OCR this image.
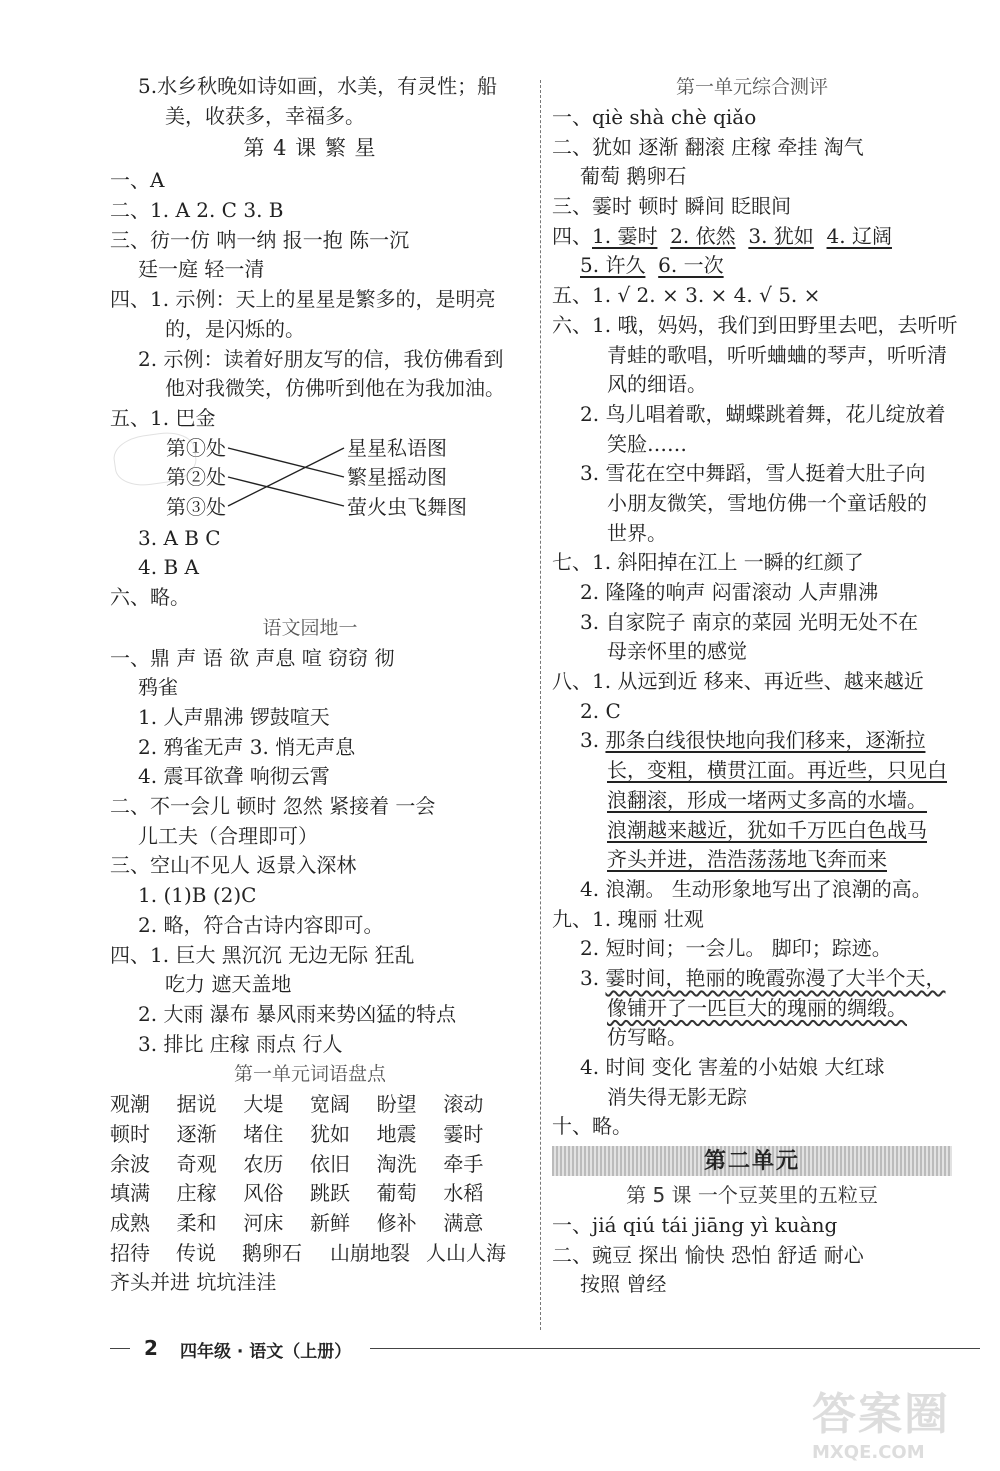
5.水乡秋晚如诗如画，水美，有灵性；船
美，收获多，幸福多。
第 4 课 繁 星
一、A
二、1. A 2. C 3. B
三、彷一仿 呐一纳 报一抱 陈一沉
廷一庭 轻一清
四、1. 示例：天上的星星是繁多的，是明亮
的，是闪烁的。
2. 示例：读着好朋友写的信，我仿佛看到
他对我微笑，仿佛听到他在为我加油。
五、1. 巴金
第①处
第②处
第③处
星星私语图
繁星摇动图
萤火虫飞舞图
3. A B C
4. B A
六、略。
语文园地一
一、鼎 声 语 欲 声息 喧 窃窃 彻
鸦雀
1. 人声鼎沸 锣鼓喧天
2. 鸦雀无声 3. 悄无声息
4. 震耳欲聋 响彻云霄
二、不一会儿 顿时 忽然 紧接着 一会
儿工夫（合理即可）
三、空山不见人 返景入深林
1. (1)B (2)C
2. 略，符合古诗内容即可。
四、1. 巨大 黑沉沉 无边无际 狂乱
吃力 遮天盖地
2. 大雨 瀑布 暴风雨来势凶猛的特点
3. 排比 庄稼 雨点 行人
第一单元词语盘点
观潮	据说	大堤	宽阔	盼望	滚动
顿时	逐渐	堵住	犹如	地震	霎时
余波	奇观	农历	依旧	淘洗	牵手
填满	庄稼	风俗	跳跃	葡萄	水稻
成熟	柔和	河床	新鲜	修补	满意
招待 传说 鹅卵石 山崩地裂 人山人海
齐头并进 坑坑洼洼
第一单元综合测评
一、qiè shà chè qiǎo
二、犹如 逐渐 翻滚 庄稼 牵挂 淘气
葡萄 鹅卵石
三、霎时 顿时 瞬间 眨眼间
四、1. 霎时 2. 依然 3. 犹如 4. 辽阔
5. 许久 6. 一次
五、1. √ 2. × 3. × 4. √ 5. ×
六、1. 哦，妈妈，我们到田野里去吧，去听听
青蛙的歌唱，听听蛐蛐的琴声，听听清
风的细语。
2. 鸟儿唱着歌，蝴蝶跳着舞，花儿绽放着
笑脸……
3. 雪花在空中舞蹈，雪人挺着大肚子向
小朋友微笑，雪地仿佛一个童话般的
世界。
七、1. 斜阳掉在江上 一瞬的红颜了
2. 隆隆的响声 闷雷滚动 人声鼎沸
3. 自家院子 南京的菜园 光明无处不在
母亲怀里的感觉
八、1. 从远到近 移来、再近些、越来越近
2. C
3. 那条白线很快地向我们移来，逐渐拉
长，变粗，横贯江面。再近些，只见白
浪翻滚，形成一堵两丈多高的水墙。
浪潮越来越近，犹如千万匹白色战马
齐头并进，浩浩荡荡地飞奔而来
4. 浪潮。 生动形象地写出了浪潮的高。
九、1. 瑰丽 壮观
2. 短时间；一会儿。 脚印；踪迹。
3. 霎时间，艳丽的晚霞弥漫了大半个天，
像铺开了一匹巨大的瑰丽的绸缎。
仿写略。
4. 时间 变化 害羞的小姑娘 大红球
消失得无影无踪
十、略。
第二单元
第 5 课 一个豆荚里的五粒豆
一、jiá qiú tái jiāng yì kuàng
二、豌豆 探出 愉快 恐怕 舒适 耐心
按照 曾经
2 四年级 · 语文（上册）
答案圈
MXQE.COM
